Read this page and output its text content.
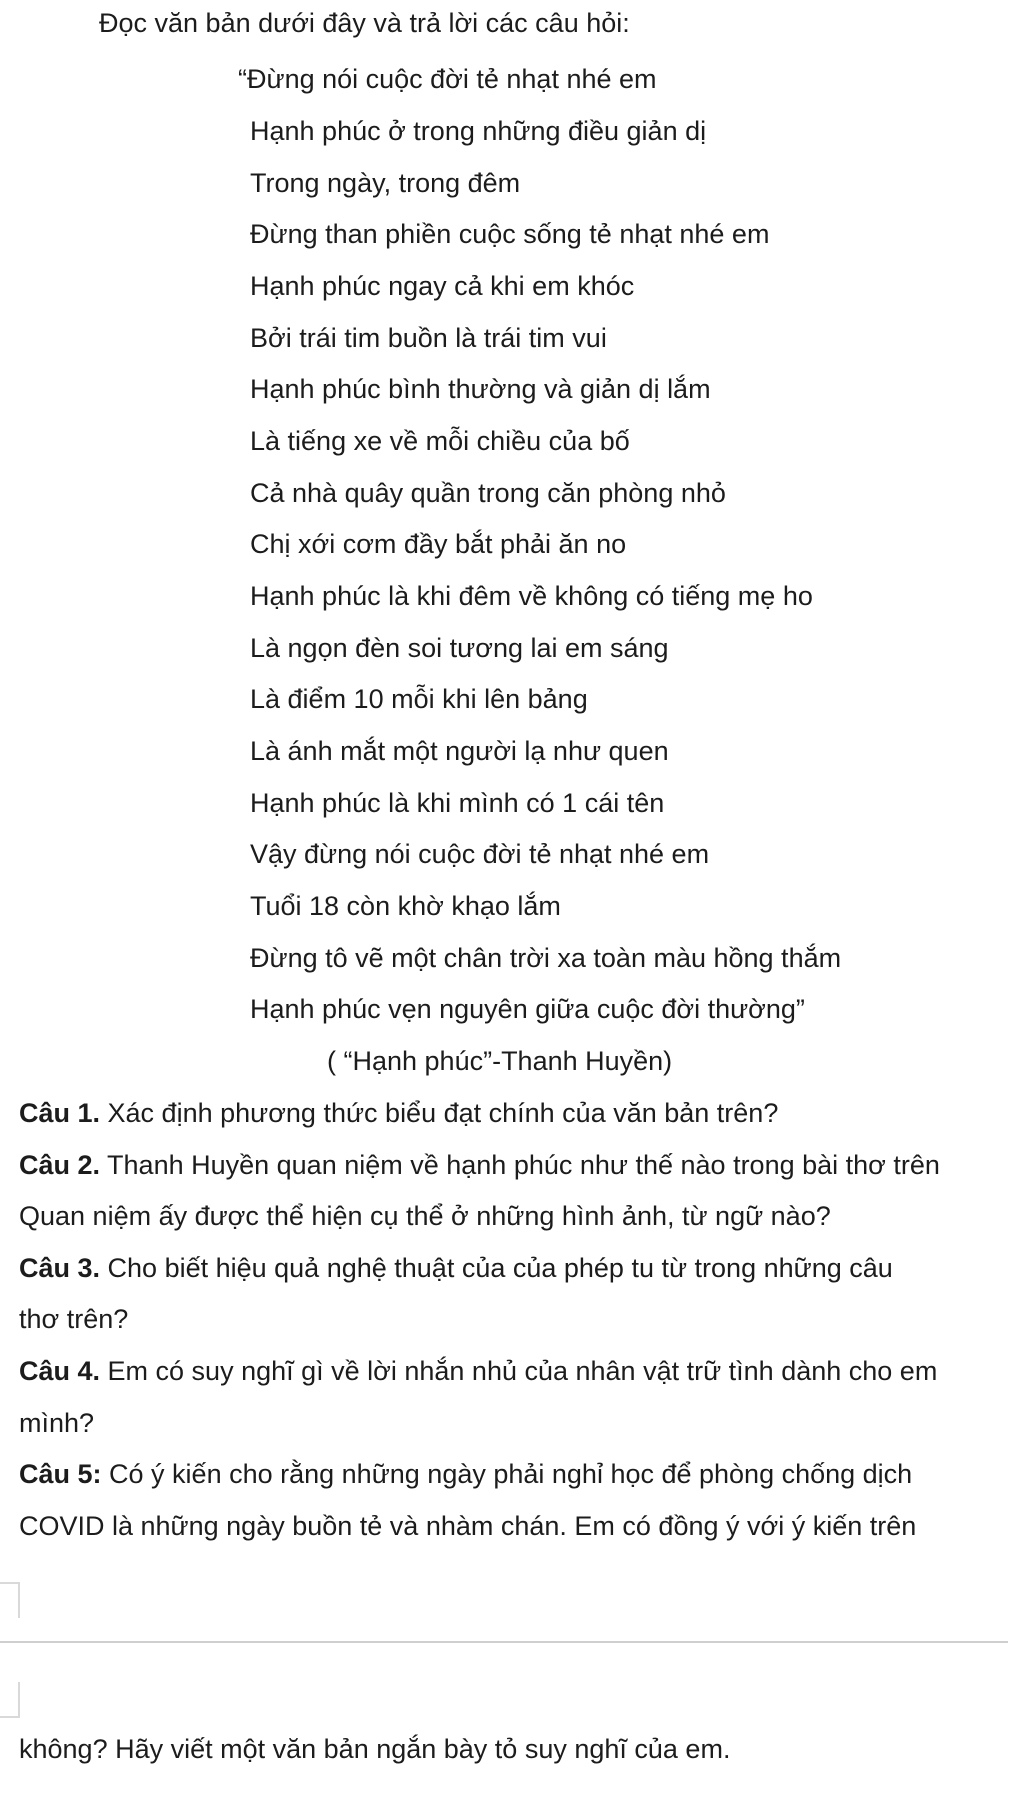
Đọc văn bản dưới đây và trả lời các câu hỏi:
“Đừng nói cuộc đời tẻ nhạt nhé em
Hạnh phúc ở trong những điều giản dị
Trong ngày, trong đêm
Đừng than phiền cuộc sống tẻ nhạt nhé em
Hạnh phúc ngay cả khi em khóc
Bởi trái tim buồn là trái tim vui
Hạnh phúc bình thường và giản dị lắm
Là tiếng xe về mỗi chiều của bố
Cả nhà quây quần trong căn phòng nhỏ
Chị xới cơm đầy bắt phải ăn no
Hạnh phúc là khi đêm về không có tiếng mẹ ho
Là ngọn đèn soi tương lai em sáng
Là điểm 10 mỗi khi lên bảng
Là ánh mắt một người lạ như quen
Hạnh phúc là khi mình có 1 cái tên
Vậy đừng nói cuộc đời tẻ nhạt nhé em
Tuổi 18 còn khờ khạo lắm
Đừng tô vẽ một chân trời xa toàn màu hồng thắm
Hạnh phúc vẹn nguyên giữa cuộc đời thường”
( “Hạnh phúc”-Thanh Huyền)
Câu 1. Xác định phương thức biểu đạt chính của văn bản trên?
Câu 2. Thanh Huyền quan niệm về hạnh phúc như thế nào trong bài thơ trên
Quan niệm ấy được thể hiện cụ thể ở những hình ảnh, từ ngữ nào?
Câu 3. Cho biết hiệu quả nghệ thuật của của phép tu từ trong những câu
thơ trên?
Câu 4. Em có suy nghĩ gì về lời nhắn nhủ của nhân vật trữ tình dành cho em
mình?
Câu 5: Có ý kiến cho rằng những ngày phải nghỉ học để phòng chống dịch
COVID là những ngày buồn tẻ và nhàm chán. Em có đồng ý với ý kiến trên
không? Hãy viết một văn bản ngắn bày tỏ suy nghĩ của em.
